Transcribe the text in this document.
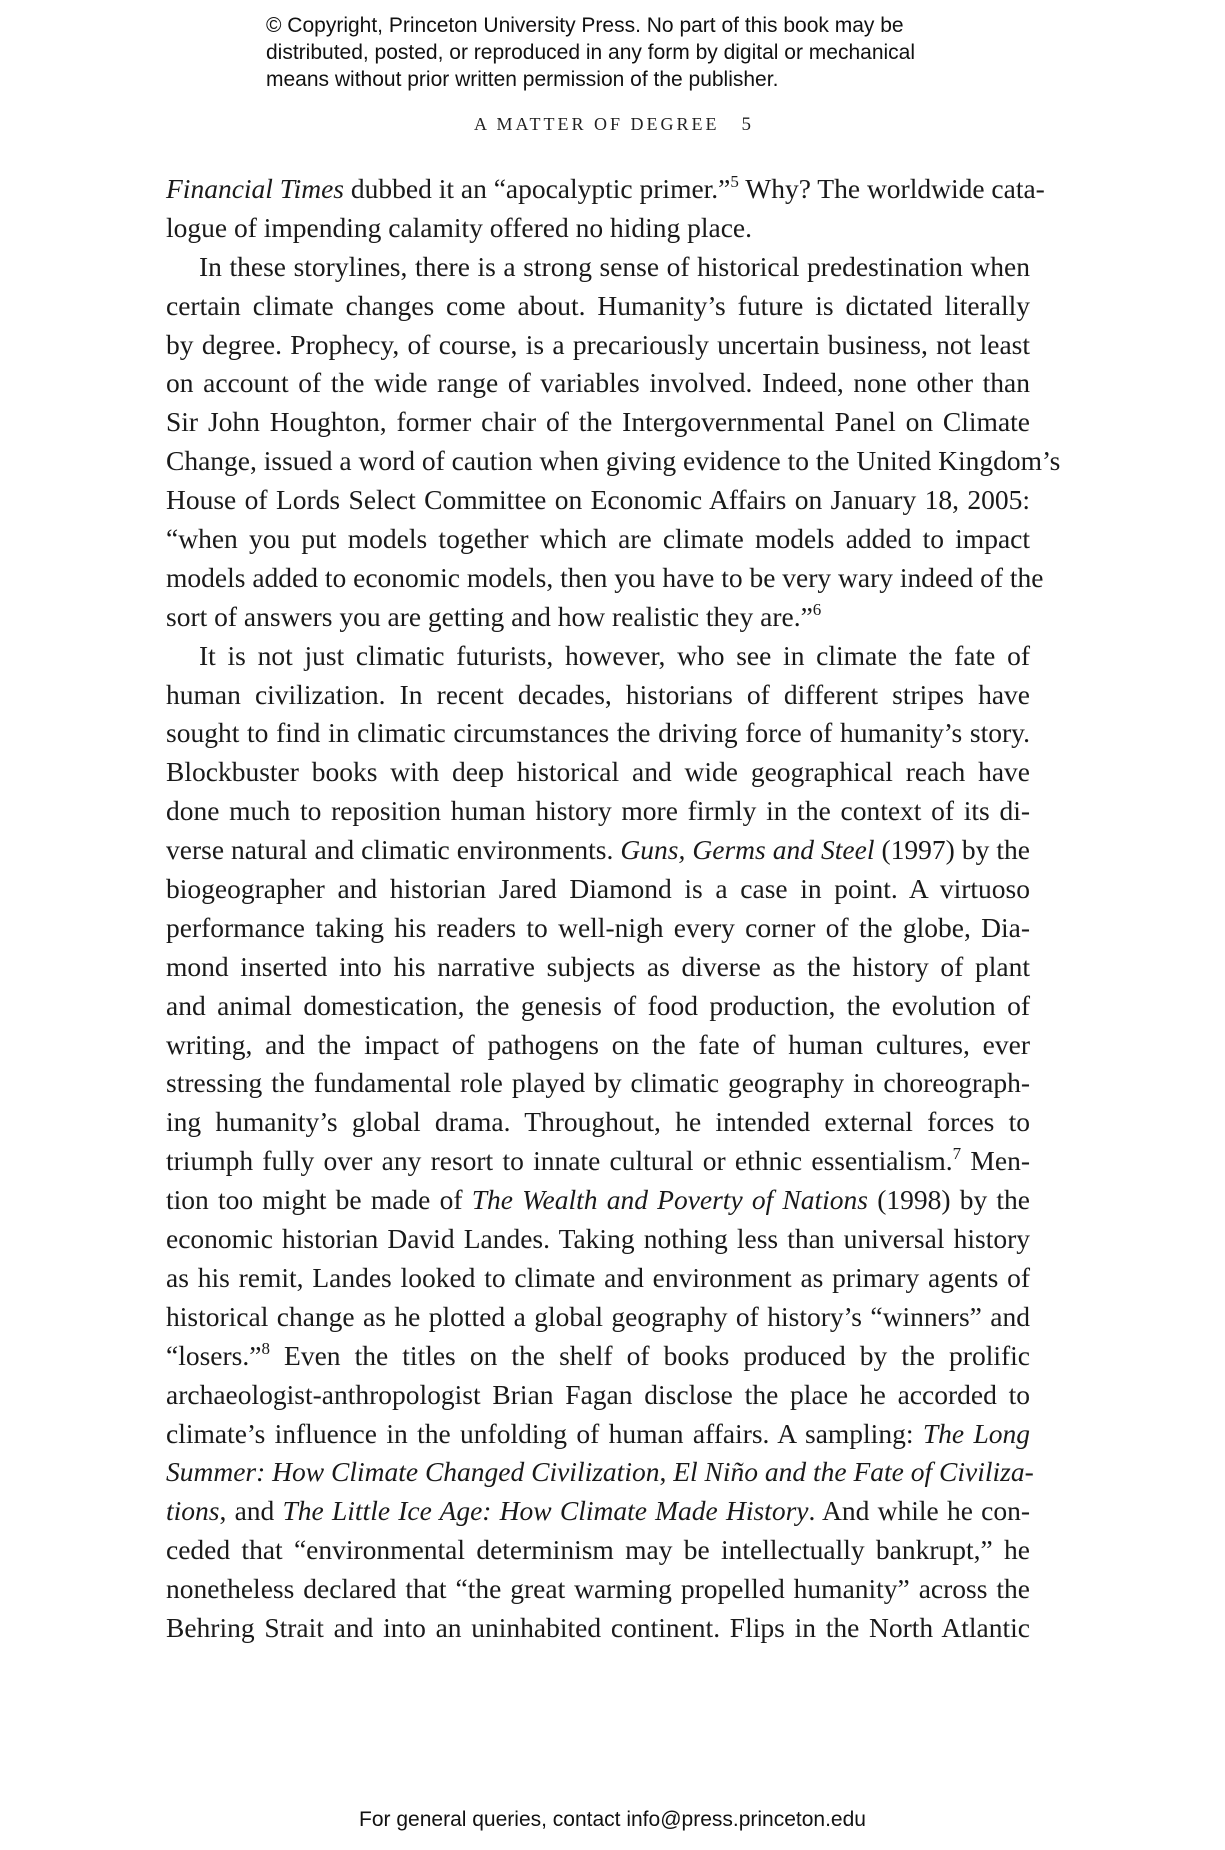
© Copyright, Princeton University Press. No part of this book may be
distributed, posted, or reproduced in any form by digital or mechanical
means without prior written permission of the publisher.
A MATTER OF DEGREE 5
Financial Times dubbed it an “apocalyptic primer.”$^5$ Why? The worldwide cata-
logue of impending calamity offered no hiding place.
In these storylines, there is a strong sense of historical predestination when
certain climate changes come about. Humanity’s future is dictated literally
by degree. Prophecy, of course, is a precariously uncertain business, not least
on account of the wide range of variables involved. Indeed, none other than
Sir John Houghton, former chair of the Intergovernmental Panel on Climate
Change, issued a word of caution when giving evidence to the United Kingdom’s
House of Lords Select Committee on Economic Affairs on January 18, 2005:
“when you put models together which are climate models added to impact
models added to economic models, then you have to be very wary indeed of the
sort of answers you are getting and how realistic they are.”$^6$
It is not just climatic futurists, however, who see in climate the fate of
human civilization. In recent decades, historians of different stripes have
sought to find in climatic circumstances the driving force of humanity’s story.
Blockbuster books with deep historical and wide geographical reach have
done much to reposition human history more firmly in the context of its di-
verse natural and climatic environments. Guns, Germs and Steel (1997) by the
biogeographer and historian Jared Diamond is a case in point. A virtuoso
performance taking his readers to well-nigh every corner of the globe, Dia-
mond inserted into his narrative subjects as diverse as the history of plant
and animal domestication, the genesis of food production, the evolution of
writing, and the impact of pathogens on the fate of human cultures, ever
stressing the fundamental role played by climatic geography in choreograph-
ing humanity’s global drama. Throughout, he intended external forces to
triumph fully over any resort to innate cultural or ethnic essentialism.$^7$ Men-
tion too might be made of The Wealth and Poverty of Nations (1998) by the
economic historian David Landes. Taking nothing less than universal history
as his remit, Landes looked to climate and environment as primary agents of
historical change as he plotted a global geography of history’s “winners” and
“losers.”$^8$ Even the titles on the shelf of books produced by the prolific
archaeologist-anthropologist Brian Fagan disclose the place he accorded to
climate’s influence in the unfolding of human affairs. A sampling: The Long
Summer: How Climate Changed Civilization, El Niño and the Fate of Civiliza-
tions, and The Little Ice Age: How Climate Made History. And while he con-
ceded that “environmental determinism may be intellectually bankrupt,” he
nonetheless declared that “the great warming propelled humanity” across the
Behring Strait and into an uninhabited continent. Flips in the North Atlantic
For general queries, contact info@press.princeton.edu
